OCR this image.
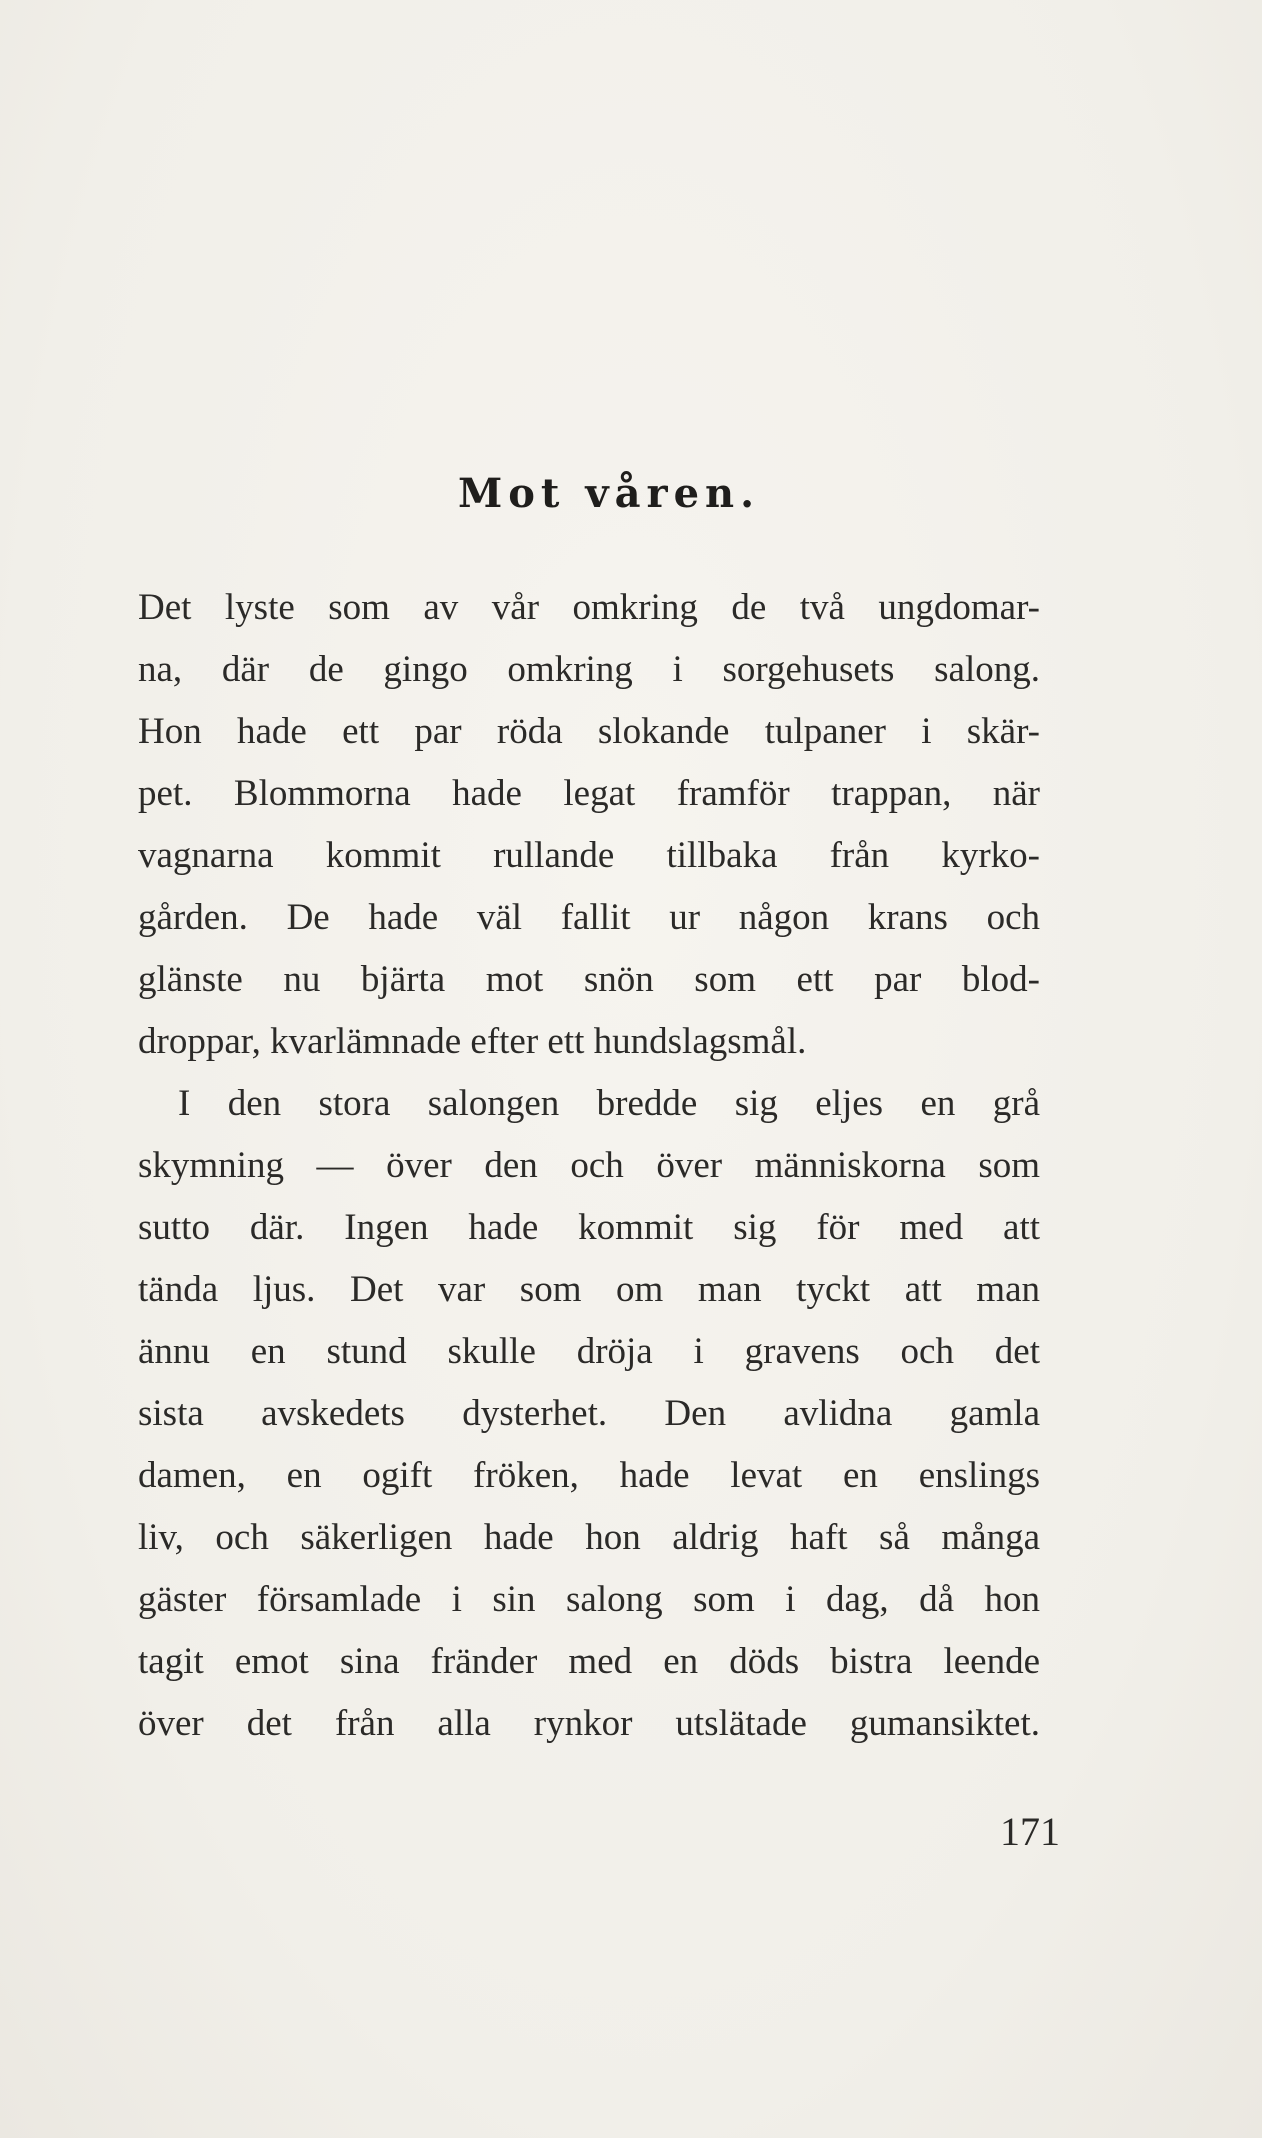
Mot våren.
Det lyste som av vår omkring de två ungdomar-
na, där de gingo omkring i sorgehusets salong.
Hon hade ett par röda slokande tulpaner i skär-
pet. Blommorna hade legat framför trappan, när
vagnarna kommit rullande tillbaka från kyrko-
gården. De hade väl fallit ur någon krans och
glänste nu bjärta mot snön som ett par blod-
droppar, kvarlämnade efter ett hundslagsmål.
I den stora salongen bredde sig eljes en grå
skymning — över den och över människorna som
sutto där. Ingen hade kommit sig för med att
tända ljus. Det var som om man tyckt att man
ännu en stund skulle dröja i gravens och det
sista avskedets dysterhet. Den avlidna gamla
damen, en ogift fröken, hade levat en enslings
liv, och säkerligen hade hon aldrig haft så många
gäster församlade i sin salong som i dag, då hon
tagit emot sina fränder med en döds bistra leende
över det från alla rynkor utslätade gumansiktet.
171
